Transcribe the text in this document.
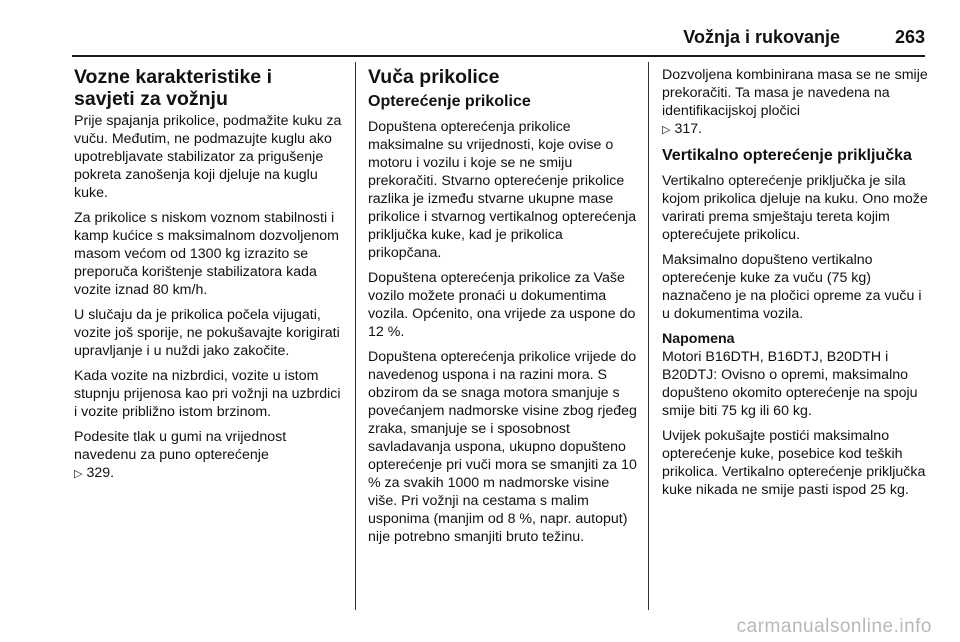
Vožnja i rukovanje	263
Vozne karakteristike i
savjeti za vožnju

Prije spajanja prikolice, podmažite kuku za vuču. Međutim, ne podmazujte kuglu ako upotrebljavate stabilizator za prigušenje pokreta zanošenja koji djeluje na kuglu kuke.

Za prikolice s niskom voznom stabilnosti i kamp kućice s maksimalnom dozvoljenom masom većom od 1300 kg izrazito se preporuča korištenje stabilizatora kada vozite iznad 80 km/h.

U slučaju da je prikolica počela vijugati, vozite još sporije, ne pokušavajte korigirati upravljanje i u nuždi jako zakočite.

Kada vozite na nizbrdici, vozite u istom stupnju prijenosa kao pri vožnji na uzbrdici i vozite približno istom brzinom.

Podesite tlak u gumi na vrijednost navedenu za puno opterećenje
▷ 329.

Vuča prikolice
Opterećenje prikolice

Dopuštena opterećenja prikolice maksimalne su vrijednosti, koje ovise o motoru i vozilu i koje se ne smiju prekoračiti. Stvarno opterećenje prikolice razlika je između stvarne ukupne mase prikolice i stvarnog vertikalnog opterećenja priključka kuke, kad je prikolica prikopčana.

Dopuštena opterećenja prikolice za Vaše vozilo možete pronaći u dokumentima vozila. Općenito, ona vrijede za uspone do 12 %.

Dopuštena opterećenja prikolice vrijede do navedenog uspona i na razini mora. S obzirom da se snaga motora smanjuje s povećanjem nadmorske visine zbog rjeđeg zraka, smanjuje se i sposobnost savladavanja uspona, ukupno dopušteno opterećenje pri vuči mora se smanjiti za 10 % za svakih 1000 m nadmorske visine više. Pri vožnji na cestama s malim usponima (manjim od 8 %, napr. autoput) nije potrebno smanjiti bruto težinu.

Dozvoljena kombinirana masa se ne smije prekoračiti. Ta masa je navedena na identifikacijskoj pločici
▷ 317.

Vertikalno opterećenje priključka

Vertikalno opterećenje priključka je sila kojom prikolica djeluje na kuku. Ono može varirati prema smještaju tereta kojim opterećujete prikolicu.

Maksimalno dopušteno vertikalno opterećenje kuke za vuču (75 kg) naznačeno je na pločici opreme za vuču i u dokumentima vozila.

Napomena
Motori B16DTH, B16DTJ, B20DTH i B20DTJ: Ovisno o opremi, maksimalno dopušteno okomito opterećenje na spoju smije biti 75 kg ili 60 kg.

Uvijek pokušajte postići maksimalno opterećenje kuke, posebice kod teških prikolica. Vertikalno opterećenje priključka kuke nikada ne smije pasti ispod 25 kg.

carmanualsonline.info
